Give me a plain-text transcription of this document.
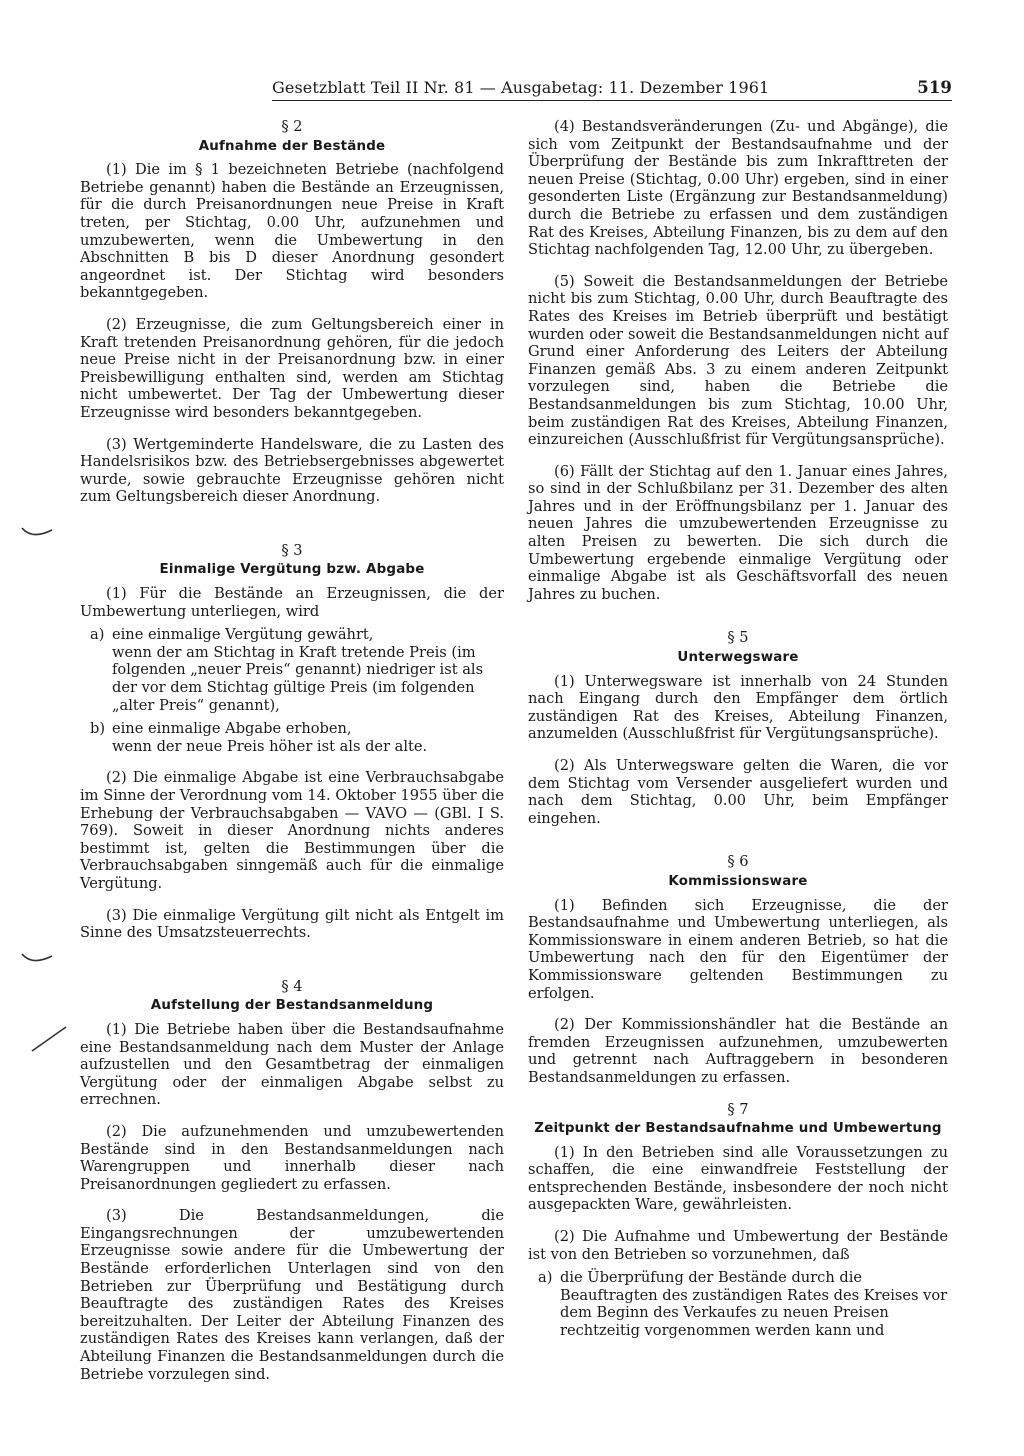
Gesetzblatt Teil II Nr. 81 — Ausgabetag: 11. Dezember 1961	519
§ 2
Aufnahme der Bestände

(1) Die im § 1 bezeichneten Betriebe (nachfolgend Betriebe genannt) haben die Bestände an Erzeugnissen, für die durch Preisanordnungen neue Preise in Kraft treten, per Stichtag, 0.00 Uhr, aufzunehmen und umzubewerten, wenn die Umbewertung in den Abschnitten B bis D dieser Anordnung gesondert angeordnet ist. Der Stichtag wird besonders bekanntgegeben.

(2) Erzeugnisse, die zum Geltungsbereich einer in Kraft tretenden Preisanordnung gehören, für die jedoch neue Preise nicht in der Preisanordnung bzw. in einer Preisbewilligung enthalten sind, werden am Stichtag nicht umbewertet. Der Tag der Umbewertung dieser Erzeugnisse wird besonders bekanntgegeben.

(3) Wertgeminderte Handelsware, die zu Lasten des Handelsrisikos bzw. des Betriebsergebnisses abgewertet wurde, sowie gebrauchte Erzeugnisse gehören nicht zum Geltungsbereich dieser Anordnung.

§ 3
Einmalige Vergütung bzw. Abgabe

(1) Für die Bestände an Erzeugnissen, die der Umbewertung unterliegen, wird

a) eine einmalige Vergütung gewährt,
wenn der am Stichtag in Kraft tretende Preis (im folgenden „neuer Preis“ genannt) niedriger ist als der vor dem Stichtag gültige Preis (im folgenden „alter Preis“ genannt),
b) eine einmalige Abgabe erhoben,
wenn der neue Preis höher ist als der alte.

(2) Die einmalige Abgabe ist eine Verbrauchsabgabe im Sinne der Verordnung vom 14. Oktober 1955 über die Erhebung der Verbrauchsabgaben — VAVO — (GBl. I S. 769). Soweit in dieser Anordnung nichts anderes bestimmt ist, gelten die Bestimmungen über die Verbrauchsabgaben sinngemäß auch für die einmalige Vergütung.

(3) Die einmalige Vergütung gilt nicht als Entgelt im Sinne des Umsatzsteuerrechts.

§ 4
Aufstellung der Bestandsanmeldung

(1) Die Betriebe haben über die Bestandsaufnahme eine Bestandsanmeldung nach dem Muster der Anlage aufzustellen und den Gesamtbetrag der einmaligen Vergütung oder der einmaligen Abgabe selbst zu errechnen.

(2) Die aufzunehmenden und umzubewertenden Bestände sind in den Bestandsanmeldungen nach Warengruppen und innerhalb dieser nach Preisanordnungen gegliedert zu erfassen.

(3) Die Bestandsanmeldungen, die Eingangsrechnungen der umzubewertenden Erzeugnisse sowie andere für die Umbewertung der Bestände erforderlichen Unterlagen sind von den Betrieben zur Überprüfung und Bestätigung durch Beauftragte des zuständigen Rates des Kreises bereitzuhalten. Der Leiter der Abteilung Finanzen des zuständigen Rates des Kreises kann verlangen, daß der Abteilung Finanzen die Bestandsanmeldungen durch die Betriebe vorzulegen sind.

(4) Bestandsveränderungen (Zu- und Abgänge), die sich vom Zeitpunkt der Bestandsaufnahme und der Überprüfung der Bestände bis zum Inkrafttreten der neuen Preise (Stichtag, 0.00 Uhr) ergeben, sind in einer gesonderten Liste (Ergänzung zur Bestandsanmeldung) durch die Betriebe zu erfassen und dem zuständigen Rat des Kreises, Abteilung Finanzen, bis zu dem auf den Stichtag nachfolgenden Tag, 12.00 Uhr, zu übergeben.

(5) Soweit die Bestandsanmeldungen der Betriebe nicht bis zum Stichtag, 0.00 Uhr, durch Beauftragte des Rates des Kreises im Betrieb überprüft und bestätigt wurden oder soweit die Bestandsanmeldungen nicht auf Grund einer Anforderung des Leiters der Abteilung Finanzen gemäß Abs. 3 zu einem anderen Zeitpunkt vorzulegen sind, haben die Betriebe die Bestandsanmeldungen bis zum Stichtag, 10.00 Uhr, beim zuständigen Rat des Kreises, Abteilung Finanzen, einzureichen (Ausschlußfrist für Vergütungsansprüche).

(6) Fällt der Stichtag auf den 1. Januar eines Jahres, so sind in der Schlußbilanz per 31. Dezember des alten Jahres und in der Eröffnungsbilanz per 1. Januar des neuen Jahres die umzubewertenden Erzeugnisse zu alten Preisen zu bewerten. Die sich durch die Umbewertung ergebende einmalige Vergütung oder einmalige Abgabe ist als Geschäftsvorfall des neuen Jahres zu buchen.

§ 5
Unterwegsware

(1) Unterwegsware ist innerhalb von 24 Stunden nach Eingang durch den Empfänger dem örtlich zuständigen Rat des Kreises, Abteilung Finanzen, anzumelden (Ausschlußfrist für Vergütungsansprüche).

(2) Als Unterwegsware gelten die Waren, die vor dem Stichtag vom Versender ausgeliefert wurden und nach dem Stichtag, 0.00 Uhr, beim Empfänger eingehen.

§ 6
Kommissionsware

(1) Befinden sich Erzeugnisse, die der Bestandsaufnahme und Umbewertung unterliegen, als Kommissionsware in einem anderen Betrieb, so hat die Umbewertung nach den für den Eigentümer der Kommissionsware geltenden Bestimmungen zu erfolgen.

(2) Der Kommissionshändler hat die Bestände an fremden Erzeugnissen aufzunehmen, umzubewerten und getrennt nach Auftraggebern in besonderen Bestandsanmeldungen zu erfassen.

§ 7
Zeitpunkt der Bestandsaufnahme und Umbewertung

(1) In den Betrieben sind alle Voraussetzungen zu schaffen, die eine einwandfreie Feststellung der entsprechenden Bestände, insbesondere der noch nicht ausgepackten Ware, gewährleisten.

(2) Die Aufnahme und Umbewertung der Bestände ist von den Betrieben so vorzunehmen, daß

a) die Überprüfung der Bestände durch die Beauftragten des zuständigen Rates des Kreises vor dem Beginn des Verkaufes zu neuen Preisen rechtzeitig vorgenommen werden kann und
